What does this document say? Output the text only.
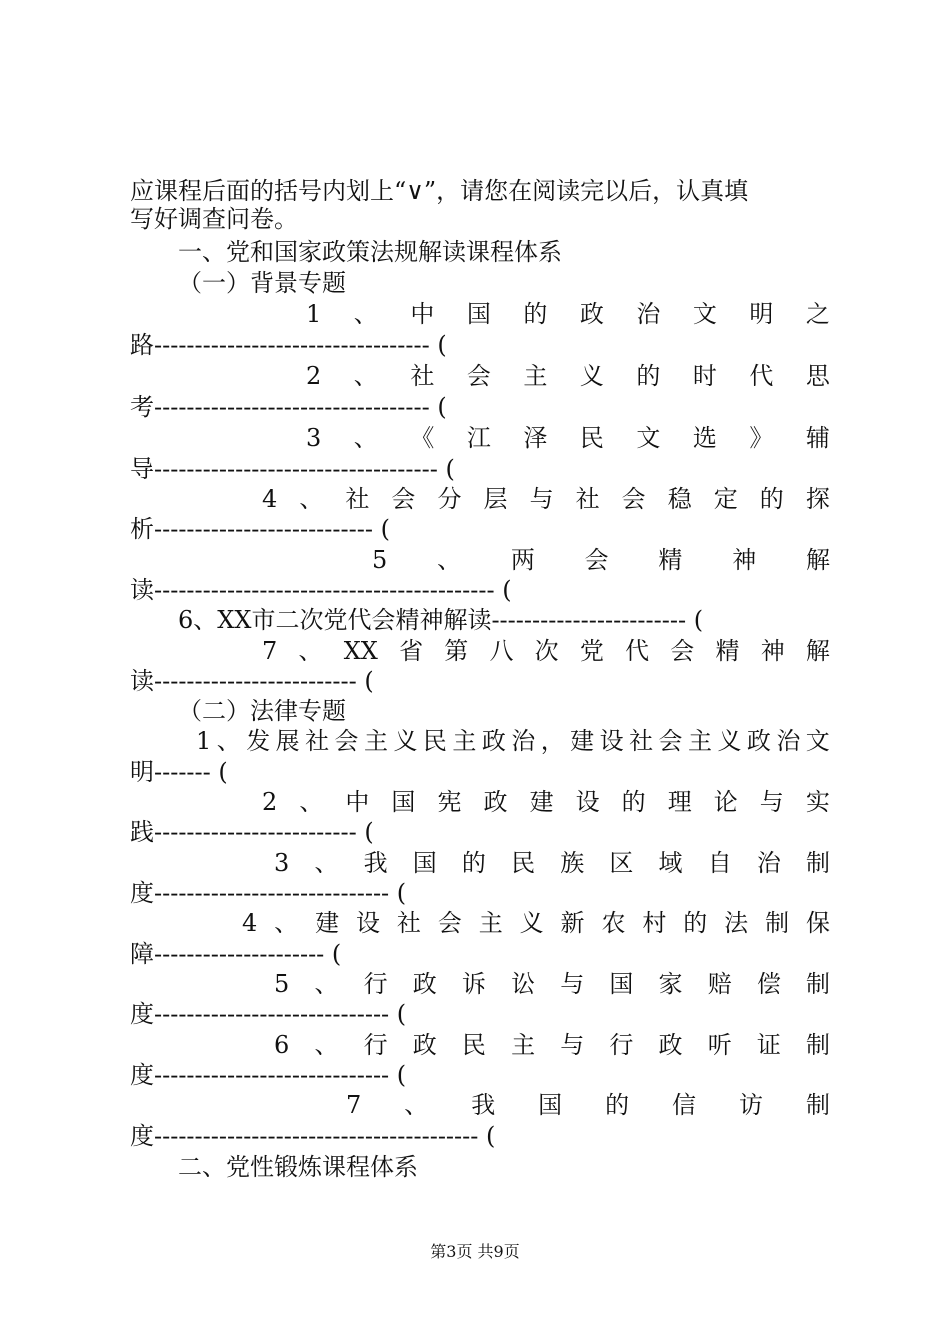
应课程后面的括号内划上“∨”，请您在阅读完以后，认真填
写好调查问卷。
一、党和国家政策法规解读课程体系
（一）背景专题
1 、 中 国 的 政 治 文 明 之
路---------------------------------- (
2 、 社 会 主 义 的 时 代 思
考---------------------------------- (
3 、 《 江 泽 民 文 选 》 辅
导----------------------------------- (
4 、 社 会 分 层 与 社 会 稳 定 的 探
析--------------------------- (
5 、 两 会 精 神 解
读------------------------------------------ (
6、XX市二次党代会精神解读------------------------ (
7 、 XX 省 第 八 次 党 代 会 精 神 解
读------------------------- (
（二）法律专题
1 、 发 展 社 会 主 义 民 主 政 治 ， 建 设 社 会 主 义 政 治 文
明------- (
2 、 中 国 宪 政 建 设 的 理 论 与 实
践------------------------- (
3 、 我 国 的 民 族 区 域 自 治 制
度----------------------------- (
4 、 建 设 社 会 主 义 新 农 村 的 法 制 保
障--------------------- (
5 、 行 政 诉 讼 与 国 家 赔 偿 制
度----------------------------- (
6 、 行 政 民 主 与 行 政 听 证 制
度----------------------------- (
7 、 我 国 的 信 访 制
度---------------------------------------- (
二、党性锻炼课程体系
第3页 共9页
